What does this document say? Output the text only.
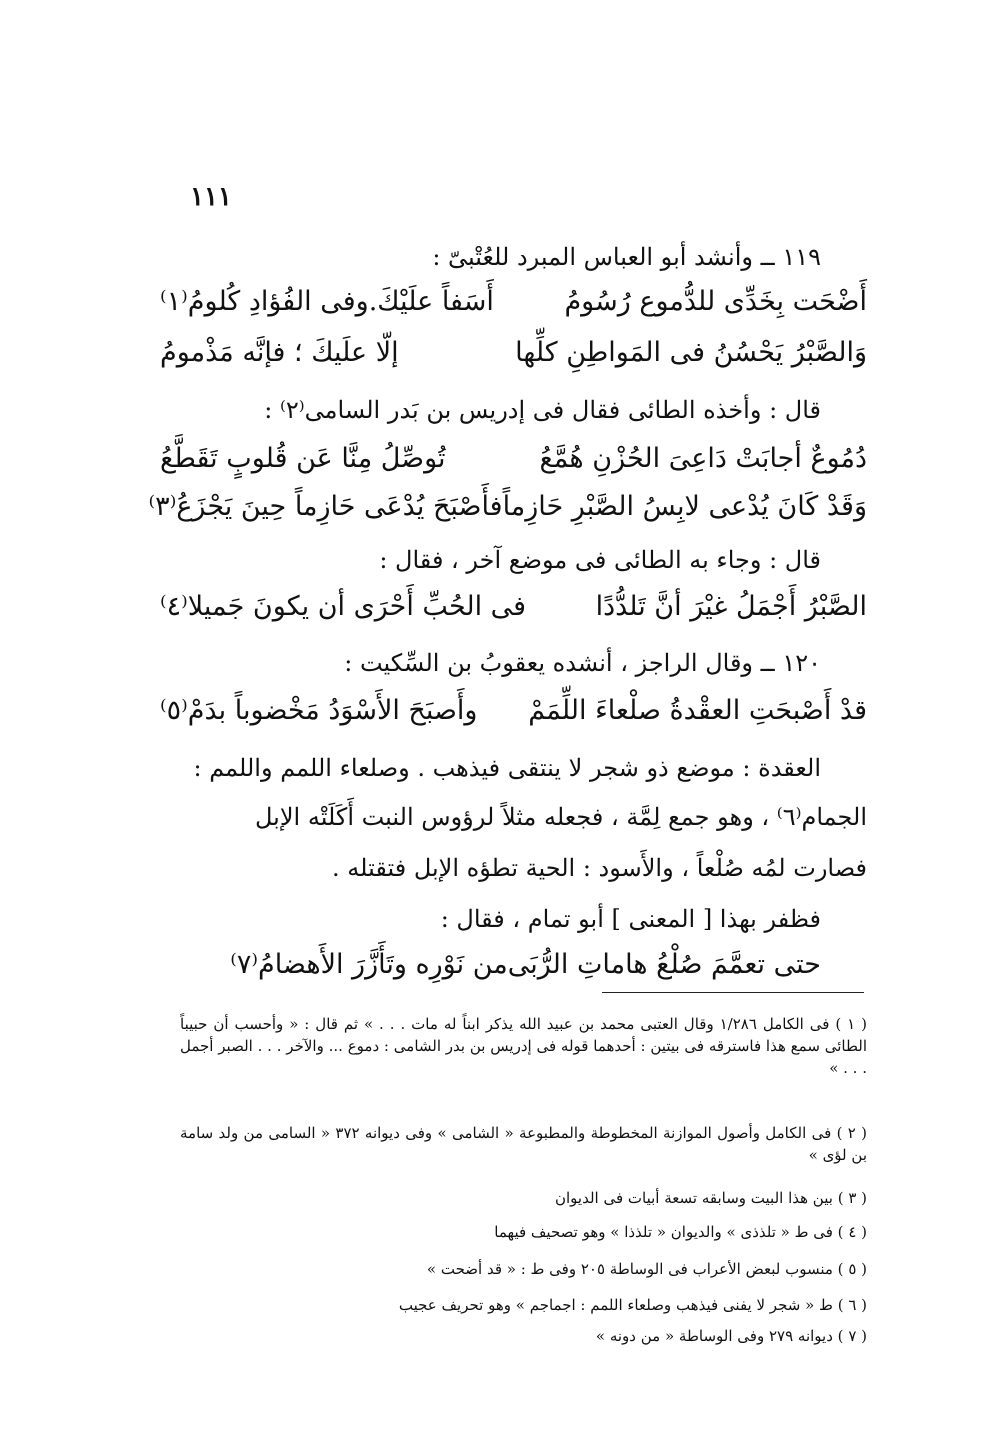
١١١
١١٩ ــ وأنشد أبو العباس المبرد للعُتْبىّ :
أَضْحَت بِخَدِّى للدُّموع رُسُومُ
أَسَفاً علَيْكَ.وفى الفُؤادِ كُلومُ⁽١⁾
وَالصَّبْرُ يَحْسُنُ فى المَواطِنِ كلِّها
إلّا علَيكَ ؛ فإنَّه مَذْمومُ
قال : وأخذه الطائى فقال فى إدريس بن بَدر السامى⁽٢⁾ :
دُمُوعٌ أجابَتْ دَاعِىَ الحُزْنِ هُمَّعُ
تُوصِّلُ مِنَّا عَن قُلوبٍ تَقَطَّعُ
وَقَدْ كَانَ يُدْعى لابِسُ الصَّبْرِ حَازِماً
فأَصْبَحَ يُدْعَى حَازِماً حِينَ يَجْزَعُ⁽٣⁾
قال : وجاء به الطائى فى موضع آخر ، فقال :
الصَّبْرُ أَجْمَلُ غيْرَ أنَّ تَلدُّدًا
فى الحُبِّ أَحْرَى أن يكونَ جَميلا⁽٤⁾
١٢٠ ــ وقال الراجز ، أنشده يعقوبُ بن السِّكيت :
قدْ أَصْبحَتِ العقْدةُ صلْعاءَ اللِّمَمْ
وأَصبَحَ الأَسْوَدُ مَخْضوباً بدَمْ⁽٥⁾
العقدة : موضع ذو شجر لا ينتقى فيذهب . وصلعاء اللمم واللمم :
الجمام⁽٦⁾ ، وهو جمع لِمَّة ، فجعله مثلاً لرؤوس النبت أَكَلَتْه الإبل
فصارت لمُه صُلْعاً ، والأَسود : الحية تطؤه الإبل فتقتله .
فظفر بهذا [ المعنى ] أبو تمام ، فقال :
حتى تعمَّمَ صُلْعُ هاماتِ الرُّبَى
من نَوْرِه وتَأَزَّرَ الأَهضامُ⁽٧⁾
( ١ ) فى الكامل ١/٢٨٦ وقال العتبى محمد بن عبيد الله يذكر ابناً له مات . . . » ثم قال : « وأحسب أن حبيباً الطائى سمع هذا فاسترقه فى بيتين : أحدهما قوله فى إدريس بن بدر الشامى : دموع ... والآخر . . . الصبر أجمل . . . »
( ٢ ) فى الكامل وأصول الموازنة المخطوطة والمطبوعة « الشامى » وفى ديوانه ٣٧٢ « السامى من ولد سامة بن لؤى »
( ٣ ) بين هذا البيت وسابقه تسعة أبيات فى الديوان
( ٤ ) فى ط « تلذذى » والديوان « تلذذا » وهو تصحيف فيهما
( ٥ ) منسوب لبعض الأعراب فى الوساطة ٢٠٥ وفى ط : « قد أضحت »
( ٦ ) ط « شجر لا يفنى فيذهب وصلعاء اللمم : اجماجم » وهو تحريف عجيب
( ٧ ) ديوانه ٢٧٩ وفى الوساطة « من دونه »
